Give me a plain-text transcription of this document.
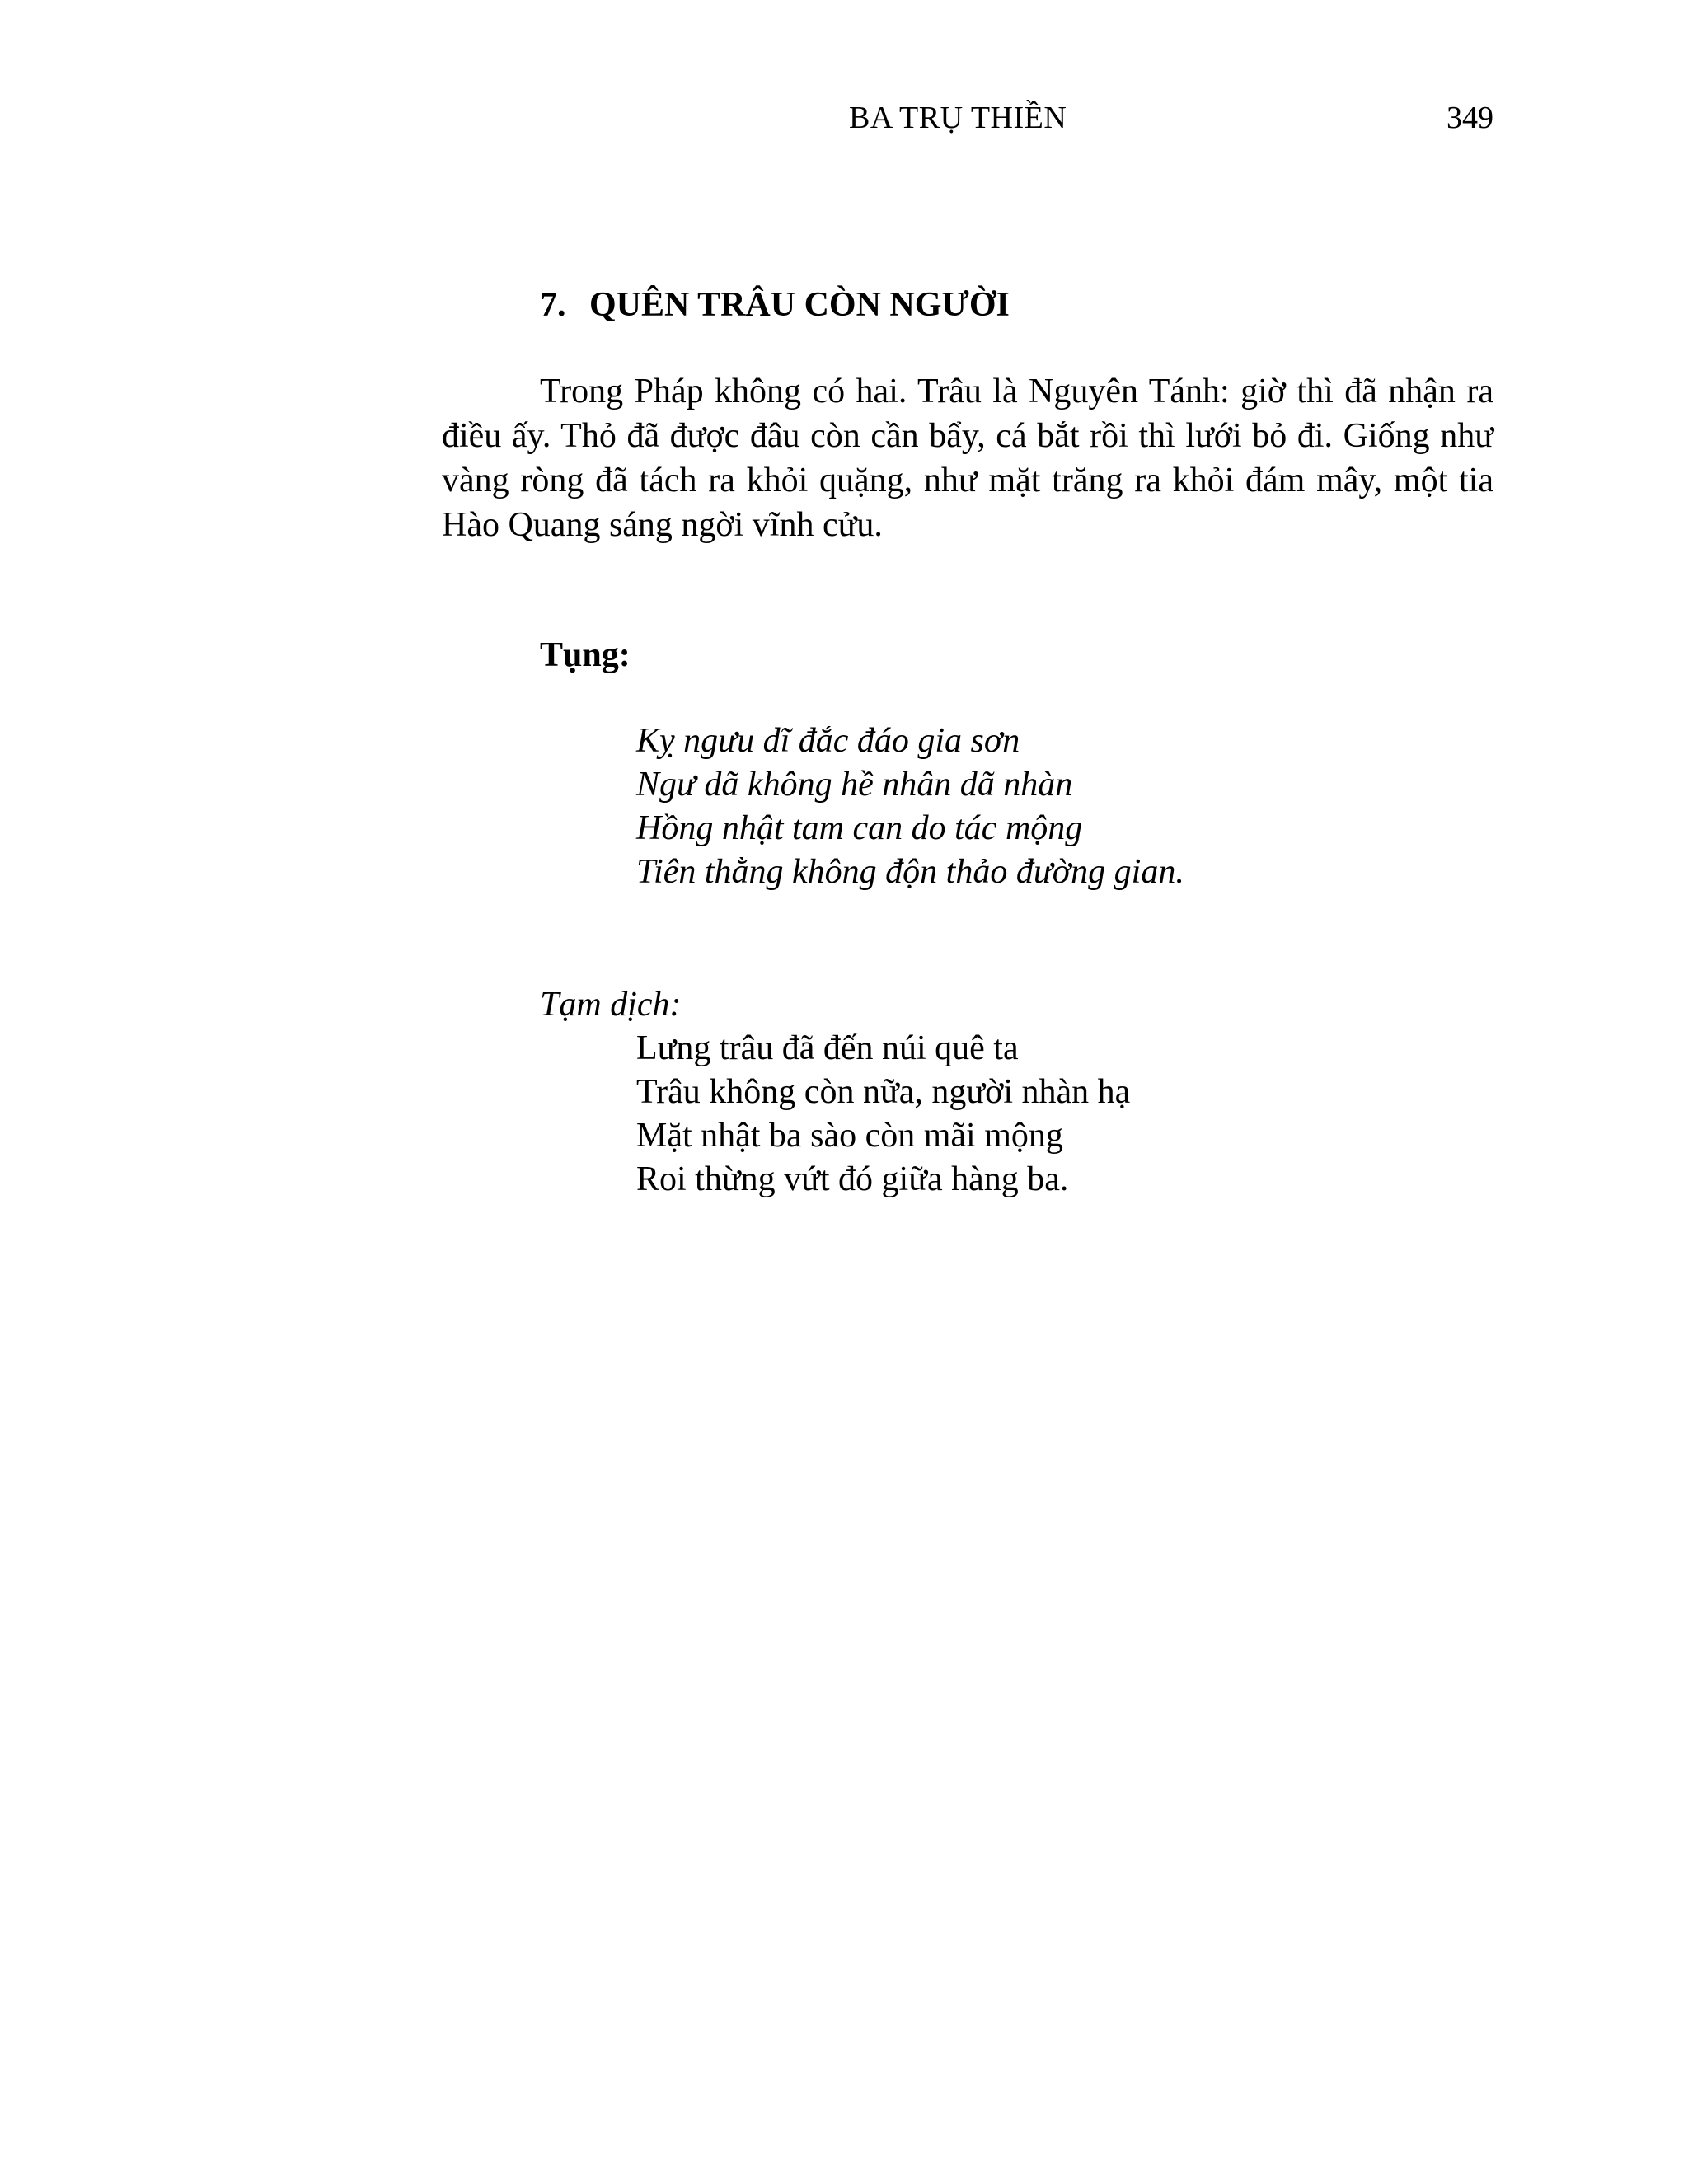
BA TRỤ THIỀN	349
7. QUÊN TRÂU CÒN NGƯỜI

Trong Pháp không có hai. Trâu là Nguyên Tánh: giờ thì đã nhận ra điều ấy. Thỏ đã được đâu còn cần bẩy, cá bắt rồi thì lưới bỏ đi. Giống như vàng ròng đã tách ra khỏi quặng, như mặt trăng ra khỏi đám mây, một tia Hào Quang sáng ngời vĩnh cửu.

Tụng:
Kỵ ngưu dĩ đắc đáo gia sơn
Ngư dã không hề nhân dã nhàn
Hồng nhật tam can do tác mộng
Tiên thằng không độn thảo đường gian.

Tạm dịch:

Lưng trâu đã đến núi quê ta
Trâu không còn nữa, người nhàn hạ
Mặt nhật ba sào còn mãi mộng
Roi thừng vứt đó giữa hàng ba.
